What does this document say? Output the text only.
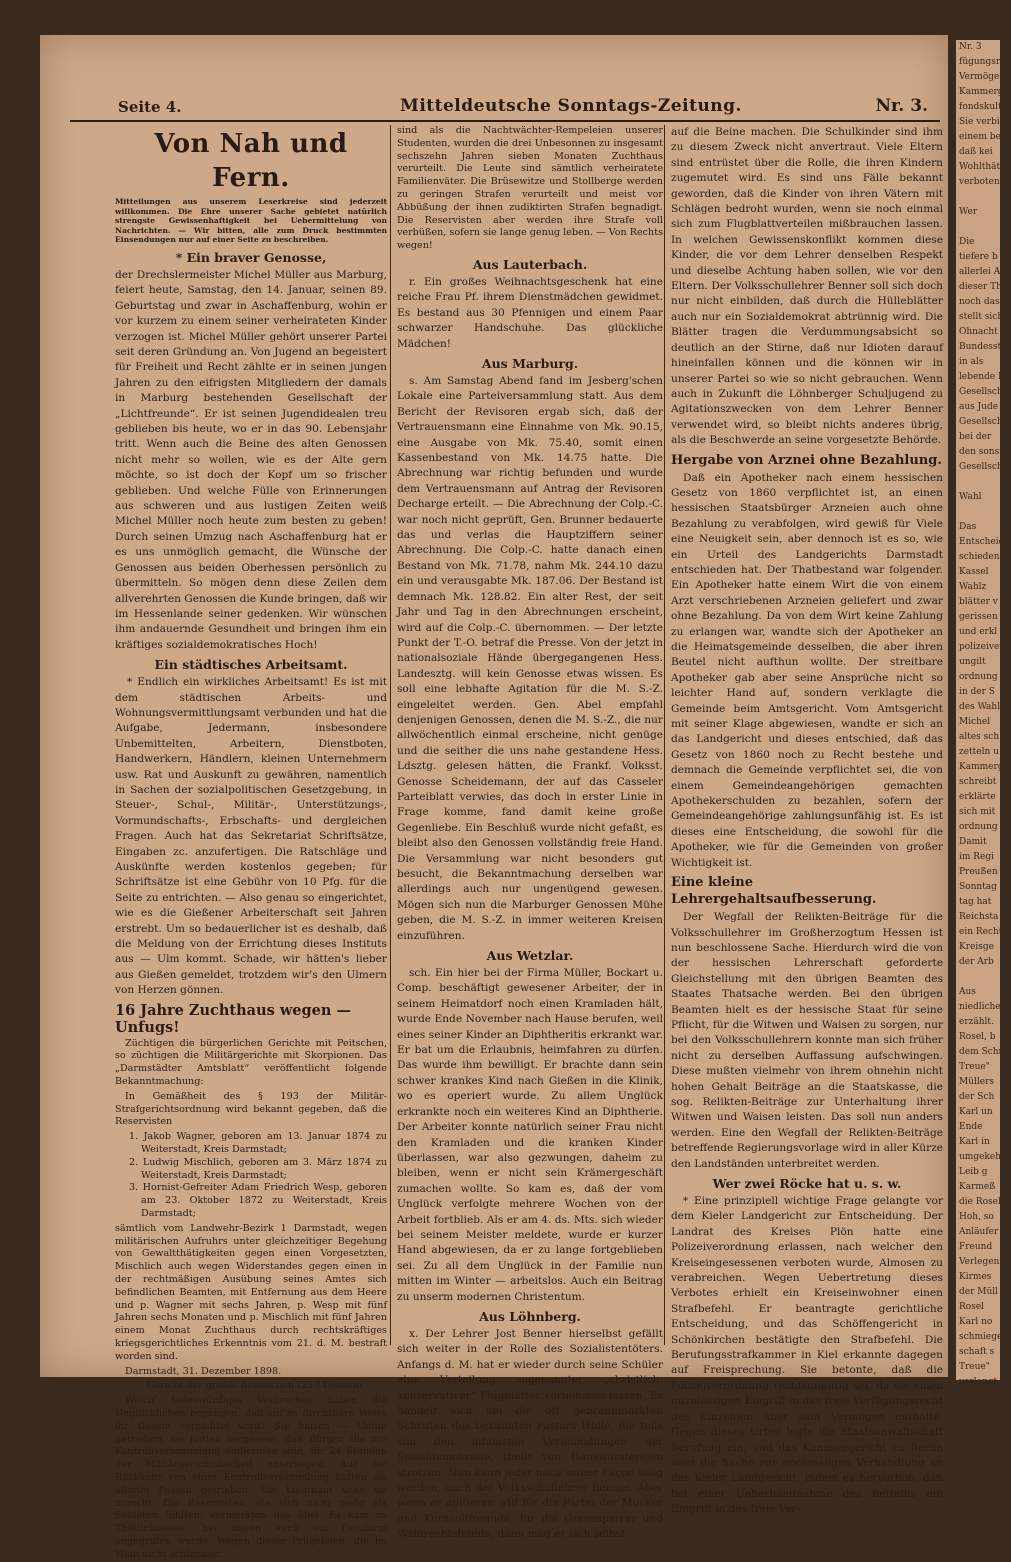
Nr. 3
fügungsrec
Vermögen
Kammerg
fondskult
Sie verbi
einem be
daß kei
Wohlthät
verboten

Wer

Die
tiefere b
allerlei A
dieser Th
noch das
stellt sich
Ohnacht
Bundesst
in als
lebende B
Gesellsch
aus Jude
Gesellsch
bei der
den sonst
Gesellsch

Wahl

Das
Entscheid
schiedene
Kassel
Wahlz
blätter v
gerissen d
und erkl
polizeiver
ungilt
ordnung
in der S
des Wahl
Michel
altes sch
zetteln u
Kammerg
schreibt
erklärte
sich mit
ordnung
Damit
im Regi
Preußen
Sonntag
tag hat
Reichsta
ein Recht
Kreisge
der Arb

Aus
niedliche
erzählt.
Rosel, b
dem Schm
Treue"
Müllers
der Sch
Karl un
Ende
Karl in
umgekeh
Leib g
Karmeß
die Rosel
Hoh, so
Anläufer
Freund
Verlegen
Kirmes
der Müll
Rosel
Karl no
schmiege
schaft s
Treue"
verlangt
Freund
Seite 4.	Mitteldeutsche Sonntags-Zeitung.	Nr. 3.
Von Nah und Fern.
Mitteilungen aus unserem Leserkreise sind jederzeit willkommen. Die Ehre unserer Sache gebietet natürlich strengste Gewissenhaftigkeit bei Uebermittelung von Nachrichten. — Wir bitten, alle zum Druck bestimmten Einsendungen nur auf einer Seite zu beschreiben.
* Ein braver Genosse,

der Drechslermeister Michel Müller aus Marburg, feiert heute, Samstag, den 14. Januar, seinen 89. Geburtstag und zwar in Aschaffenburg, wohin er vor kurzem zu einem seiner verheirateten Kinder verzogen ist. Michel Müller gehört unserer Partei seit deren Gründung an. Von Jugend an begeistert für Freiheit und Recht zählte er in seinen jungen Jahren zu den eifrigsten Mitgliedern der damals in Marburg bestehenden Gesellschaft der „Lichtfreunde“. Er ist seinen Jugendidealen treu geblieben bis heute, wo er in das 90. Lebensjahr tritt. Wenn auch die Beine des alten Genossen nicht mehr so wollen, wie es der Alte gern möchte, so ist doch der Kopf um so frischer geblieben. Und welche Fülle von Erinnerungen aus schweren und aus lustigen Zeiten weiß Michel Müller noch heute zum besten zu geben! Durch seinen Umzug nach Aschaffenburg hat er es uns unmöglich gemacht, die Wünsche der Genossen aus beiden Oberhessen persönlich zu übermitteln. So mögen denn diese Zeilen dem allverehrten Genossen die Kunde bringen, daß wir im Hessenlande seiner gedenken. Wir wünschen ihm andauernde Gesundheit und bringen ihm ein kräftiges sozialdemokratisches Hoch!

Ein städtisches Arbeitsamt.

* Endlich ein wirkliches Arbeitsamt! Es ist mit dem städtischen Arbeits- und Wohnungsvermittlungsamt verbunden und hat die Aufgabe, Jedermann, insbesondere Unbemittelten, Arbeitern, Dienstboten, Handwerkern, Händlern, kleinen Unternehmern usw. Rat und Auskunft zu gewähren, namentlich in Sachen der sozialpolitischen Gesetzgebung, in Steuer-, Schul-, Militär-, Unterstützungs-, Vormundschafts-, Erbschafts- und dergleichen Fragen. Auch hat das Sekretariat Schriftsätze, Eingaben zc. anzufertigen. Die Ratschläge und Auskünfte werden kostenlos gegeben; für Schriftsätze ist eine Gebühr von 10 Pfg. für die Seite zu entrichten. — Also genau so eingerichtet, wie es die Gießener Arbeiterschaft seit Jahren erstrebt. Um so bedauerlicher ist es deshalb, daß die Meldung von der Errichtung dieses Instituts aus — Ulm kommt. Schade, wir hätten's lieber aus Gießen gemeldet, trotzdem wir's den Ulmern von Herzen gönnen.

16 Jahre Zuchthaus wegen — Unfugs!

Züchtigen die bürgerlichen Gerichte mit Peitschen, so züchtigen die Militärgerichte mit Skorpionen. Das „Darmstädter Amtsblatt“ veröffentlicht folgende Bekanntmachung:

In Gemäßheit des § 193 der Militär-Strafgerichtsordnung wird bekannt gegeben, daß die Reservisten

1. Jakob Wagner, geboren am 13. Januar 1874 zu Weiterstadt, Kreis Darmstadt;
2. Ludwig Mischlich, geboren am 3. März 1874 zu Weiterstadt, Kreis Darmstadt;
3. Hornist-Gefreiter Adam Friedrich Wesp, geboren am 23. Oktober 1872 zu Weiterstadt, Kreis Darmstadt;

sämtlich vom Landwehr-Bezirk 1 Darmstadt, wegen militärischen Aufruhrs unter gleichzeitiger Begehung von Gewaltthätigkeiten gegen einen Vorgesetzten, Mischlich auch wegen Widerstandes gegen einen in der rechtmäßigen Ausübung seines Amtes sich befindlichen Beamten, mit Entfernung aus dem Heere und p. Wagner mit sechs Jahren, p. Wesp mit fünf Jahren sechs Monaten und p. Mischlich mit fünf Jahren einem Monat Zuchthaus durch rechtskräftiges kriegsgerichtliches Erkenntnis vom 21. d. M. bestraft worden sind.

Darmstadt, 31. Dezember 1898.

Gericht der großh. hessischen (25.) Division.

Welch' todeswürdiges Verbrechen haben die Unglücklichen begangen, daß auf so furchtbare Weise ihr Dasein vernichtet wird? Sie hatten — Unfug getrieben, sie hatten vergessen, daß Bürger, die zur Kontrollversammlung einberufen sind, für 24 Stunden der Militärgerichtsbarkeit unterliegen. Auf der Rückkehr von einer Kontrollversammlung hatten sie allerlei Possen getrieben. Ein Lieutnant wies sie zurecht. Die Reservisten, die sich nicht mehr als Soldaten fühlten, vermerkten das übel. Es kam zu Thätlichkeiten, bei denen auch ein Gendarm angegriffen wurde. Wegen dieser Prügeleien, die im Wein nicht schlimmer

sind als die Nachtwächter-Rempeleien unserer Studenten, wurden die drei Unbesonnen zu insgesamt sechszehn Jahren sieben Monaten Zuchthaus verurteilt. Die Leute sind sämtlich verheiratete Familienväter. Die Brüsewitze und Stollberge werden zu geringen Strafen verurteilt und meist vor Abbüßung der ihnen zudiktirten Strafen begnadigt. Die Reservisten aber werden ihre Strafe voll verbüßen, sofern sie lange genug leben. — Von Rechts wegen!

Aus Lauterbach.

r. Ein großes Weihnachtsgeschenk hat eine reiche Frau Pf. ihrem Dienstmädchen gewidmet. Es bestand aus 30 Pfennigen und einem Paar schwarzer Handschuhe. Das glückliche Mädchen!

Aus Marburg.

s. Am Samstag Abend fand im Jesberg'schen Lokale eine Parteiversammlung statt. Aus dem Bericht der Revisoren ergab sich, daß der Vertrauensmann eine Einnahme von Mk. 90.15, eine Ausgabe von Mk. 75.40, somit einen Kassenbestand von Mk. 14.75 hatte. Die Abrechnung war richtig befunden und wurde dem Vertrauensmann auf Antrag der Revisoren Decharge erteilt. — Die Abrechnung der Colp.-C. war noch nicht geprüft, Gen. Brunner bedauerte das und verlas die Hauptziffern seiner Abrechnung. Die Colp.-C. hatte danach einen Bestand von Mk. 71.78, nahm Mk. 244.10 dazu ein und verausgabte Mk. 187.06. Der Bestand ist demnach Mk. 128.82. Ein alter Rest, der seit Jahr und Tag in den Abrechnungen erscheint, wird auf die Colp.-C. übernommen. — Der letzte Punkt der T.-O. betraf die Presse. Von der jetzt in nationalsoziale Hände übergegangenen Hess. Landesztg. will kein Genosse etwas wissen. Es soll eine lebhafte Agitation für die M. S.-Z. eingeleitet werden. Gen. Abel empfahl denjenigen Genossen, denen die M. S.-Z., die nur allwöchentlich einmal erscheine, nicht genüge und die seither die uns nahe gestandene Hess. Ldsztg. gelesen hätten, die Frankf. Volksst. Genosse Scheidemann, der auf das Casseler Parteiblatt verwies, das doch in erster Linie in Frage komme, fand damit keine große Gegenliebe. Ein Beschluß wurde nicht gefaßt, es bleibt also den Genossen vollständig freie Hand. Die Versammlung war nicht besonders gut besucht, die Bekanntmachung derselben war allerdings auch nur ungenügend gewesen. Mögen sich nun die Marburger Genossen Mühe geben, die M. S.-Z. in immer weiteren Kreisen einzuführen.

Aus Wetzlar.

sch. Ein hier bei der Firma Müller, Bockart u. Comp. beschäftigt gewesener Arbeiter, der in seinem Heimatdorf noch einen Kramladen hält, wurde Ende November nach Hause berufen, weil eines seiner Kinder an Diphtheritis erkrankt war. Er bat um die Erlaubnis, heimfahren zu dürfen. Das wurde ihm bewilligt. Er brachte dann sein schwer krankes Kind nach Gießen in die Klinik, wo es operiert wurde. Zu allem Unglück erkrankte noch ein weiteres Kind an Diphtherie. Der Arbeiter konnte natürlich seiner Frau nicht den Kramladen und die kranken Kinder überlassen, war also gezwungen, daheim zu bleiben, wenn er nicht sein Krämergeschäft zumachen wollte. So kam es, daß der vom Unglück verfolgte mehrere Wochen von der Arbeit fortblieb. Als er am 4. ds. Mts. sich wieder bei seinem Meister meldete, wurde er kurzer Hand abgewiesen, da er zu lange fortgeblieben sei. Zu all dem Unglück in der Familie nun mitten im Winter — arbeitslos. Auch ein Beitrag zu unserm modernen Christentum.

Aus Löhnberg.

x. Der Lehrer Jost Benner hierselbst gefällt sich weiter in der Rolle des Sozialistentöters. Anfangs d. M. hat er wieder durch seine Schüler eine Verteilung sogenannter „christlich-konservativer“ Flugblätter vornehmen lassen. Es handelt sich um die oft gebrannmarkten Schriften des bekannten Pastors Hülle, die teils von den infamsten Verleumdungen der Sozialdemokratie, theils von Hanswurstereien strotzen. Nun kann jeder nach seiner Façon selig werden, auch der Volksschullehrer Benner. Aber wenn er agitieren will für die Partei der Mucker und Kornzollfreunde, für die Grenzsperrer und Wahlrechtsfeinde, dann mag er sich selbst

auf die Beine machen. Die Schulkinder sind ihm zu diesem Zweck nicht anvertraut. Viele Eltern sind entrüstet über die Rolle, die ihren Kindern zugemutet wird. Es sind uns Fälle bekannt geworden, daß die Kinder von ihren Vätern mit Schlägen bedroht wurden, wenn sie noch einmal sich zum Flugblattverteilen mißbrauchen lassen. In welchen Gewissenskonflikt kommen diese Kinder, die vor dem Lehrer denselben Respekt und dieselbe Achtung haben sollen, wie vor den Eltern. Der Volksschullehrer Benner soll sich doch nur nicht einbilden, daß durch die Hülleblätter auch nur ein Sozialdemokrat abtrünnig wird. Die Blätter tragen die Verdummungsabsicht so deutlich an der Stirne, daß nur Idioten darauf hineinfallen können und die können wir in unserer Partei so wie so nicht gebrauchen. Wenn auch in Zukunft die Löhnberger Schuljugend zu Agitationszwecken von dem Lehrer Benner verwendet wird, so bleibt nichts anderes übrig, als die Beschwerde an seine vorgesetzte Behörde.

Hergabe von Arznei ohne Bezahlung.

Daß ein Apotheker nach einem hessischen Gesetz von 1860 verpflichtet ist, an einen hessischen Staatsbürger Arzneien auch ohne Bezahlung zu verabfolgen, wird gewiß für Viele eine Neuigkeit sein, aber dennoch ist es so, wie ein Urteil des Landgerichts Darmstadt entschieden hat. Der Thatbestand war folgender. Ein Apotheker hatte einem Wirt die von einem Arzt verschriebenen Arzneien geliefert und zwar ohne Bezahlung. Da von dem Wirt keine Zahlung zu erlangen war, wandte sich der Apotheker an die Heimatsgemeinde desselben, die aber ihren Beutel nicht aufthun wollte. Der streitbare Apotheker gab aber seine Ansprüche nicht so leichter Hand auf, sondern verklagte die Gemeinde beim Amtsgericht. Vom Amtsgericht mit seiner Klage abgewiesen, wandte er sich an das Landgericht und dieses entschied, daß das Gesetz von 1860 noch zu Recht bestehe und demnach die Gemeinde verpflichtet sei, die von einem Gemeindeangehörigen gemachten Apothekerschulden zu bezahlen, sofern der Gemeindeangehörige zahlungsunfähig ist. Es ist dieses eine Entscheidung, die sowohl für die Apotheker, wie für die Gemeinden von großer Wichtigkeit ist.

Eine kleine Lehrergehaltsaufbesserung.

Der Wegfall der Relikten-Beiträge für die Volksschullehrer im Großherzogtum Hessen ist nun beschlossene Sache. Hierdurch wird die von der hessischen Lehrerschaft geforderte Gleichstellung mit den übrigen Beamten des Staates Thatsache werden. Bei den übrigen Beamten hielt es der hessische Staat für seine Pflicht, für die Witwen und Waisen zu sorgen, nur bei den Volksschullehrern konnte man sich früher nicht zu derselben Auffassung aufschwingen. Diese mußten vielmehr von ihrem ohnehin nicht hohen Gehalt Beiträge an die Staatskasse, die sog. Relikten-Beiträge zur Unterhaltung ihrer Witwen und Waisen leisten. Das soll nun anders werden. Eine den Wegfall der Relikten-Beiträge betreffende Regierungsvorlage wird in aller Kürze den Landständen unterbreitet werden.

Wer zwei Röcke hat u. s. w.

* Eine prinzipiell wichtige Frage gelangte vor dem Kieler Landgericht zur Entscheidung. Der Landrat des Kreises Plön hatte eine Polizeiverordnung erlassen, nach welcher den Kreiseingesessenen verboten wurde, Almosen zu verabreichen. Wegen Uebertretung dieses Verbotes erhielt ein Kreiseinwohner einen Strafbefehl. Er beantragte gerichtliche Entscheidung, und das Schöffengericht in Schönkirchen bestätigte den Strafbefehl. Die Berufungsstrafkammer in Kiel erkannte dagegen auf Freisprechung. Sie betonte, daß die Polizeiverordnung rechtsungiltig sei, da sie einen unzulässigen Eingriff in das freie Verfügungsrecht des Einzelnen über sein Vermögen enthalte. Gegen dieses Urteil legte die Staatsanwaltschaft Berufung ein, und das Kammergericht zu Berlin wies die Sache zur nochmaligen Verhandlung an das Kieler Landgericht, indem es hervorhob, daß bei einer Ueberhandnahme des Bettelns ein Eingriff in das freie Ver-
